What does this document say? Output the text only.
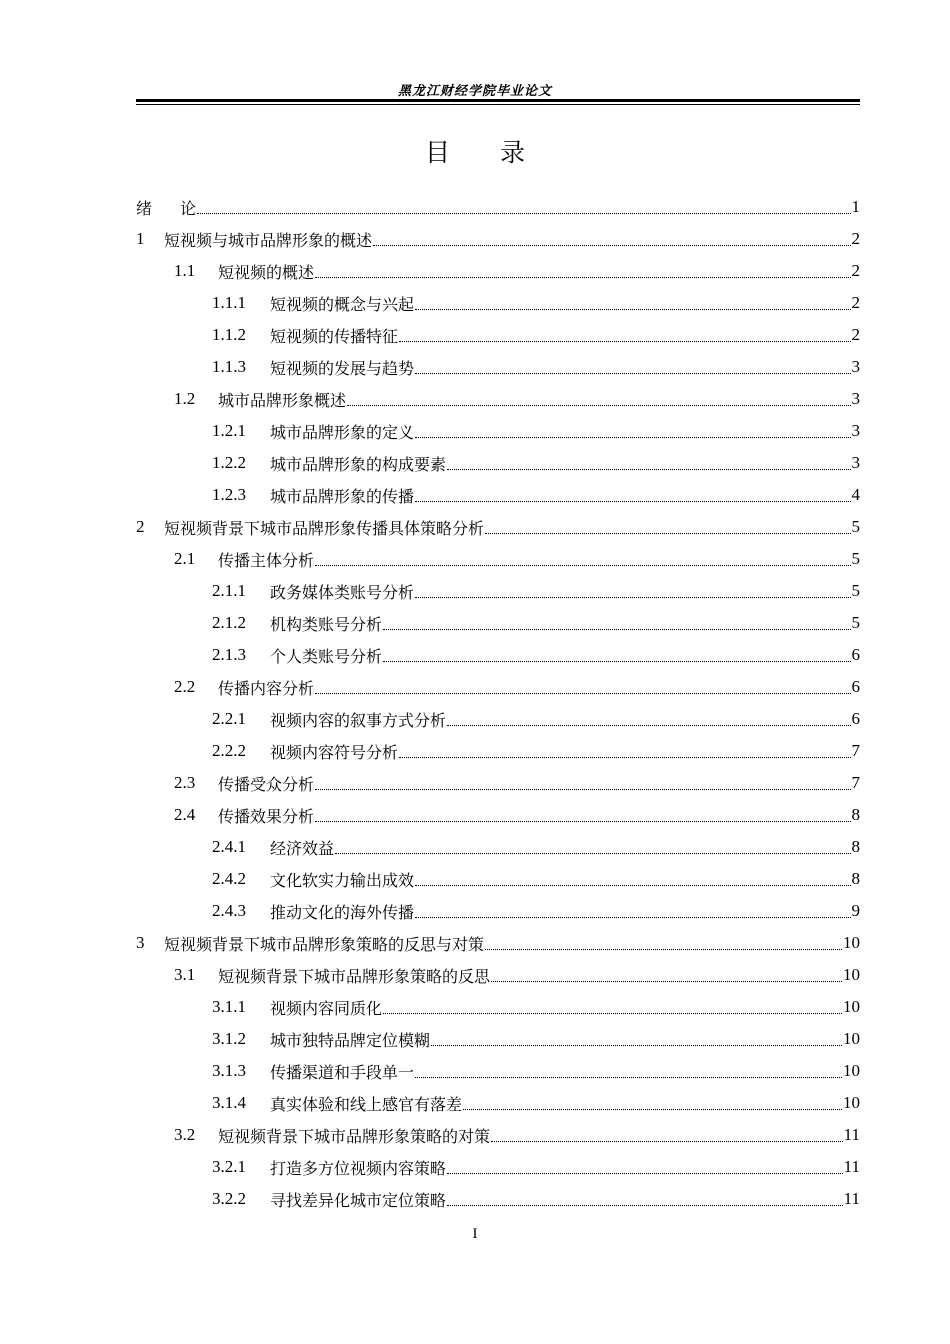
黑龙江财经学院毕业论文
目　　录
绪 论	1
1	短视频与城市品牌形象的概述	2
1.1	短视频的概述	2
1.1.1	短视频的概念与兴起	2
1.1.2	短视频的传播特征	2
1.1.3	短视频的发展与趋势	3
1.2	城市品牌形象概述	3
1.2.1	城市品牌形象的定义	3
1.2.2	城市品牌形象的构成要素	3
1.2.3	城市品牌形象的传播	4
2	短视频背景下城市品牌形象传播具体策略分析	5
2.1	传播主体分析	5
2.1.1	政务媒体类账号分析	5
2.1.2	机构类账号分析	5
2.1.3	个人类账号分析	6
2.2	传播内容分析	6
2.2.1	视频内容的叙事方式分析	6
2.2.2	视频内容符号分析	7
2.3	传播受众分析	7
2.4	传播效果分析	8
2.4.1	经济效益	8
2.4.2	文化软实力输出成效	8
2.4.3	推动文化的海外传播	9
3	短视频背景下城市品牌形象策略的反思与对策	10
3.1	短视频背景下城市品牌形象策略的反思	10
3.1.1	视频内容同质化	10
3.1.2	城市独特品牌定位模糊	10
3.1.3	传播渠道和手段单一	10
3.1.4	真实体验和线上感官有落差	10
3.2	短视频背景下城市品牌形象策略的对策	11
3.2.1	打造多方位视频内容策略	11
3.2.2	寻找差异化城市定位策略	11
I
